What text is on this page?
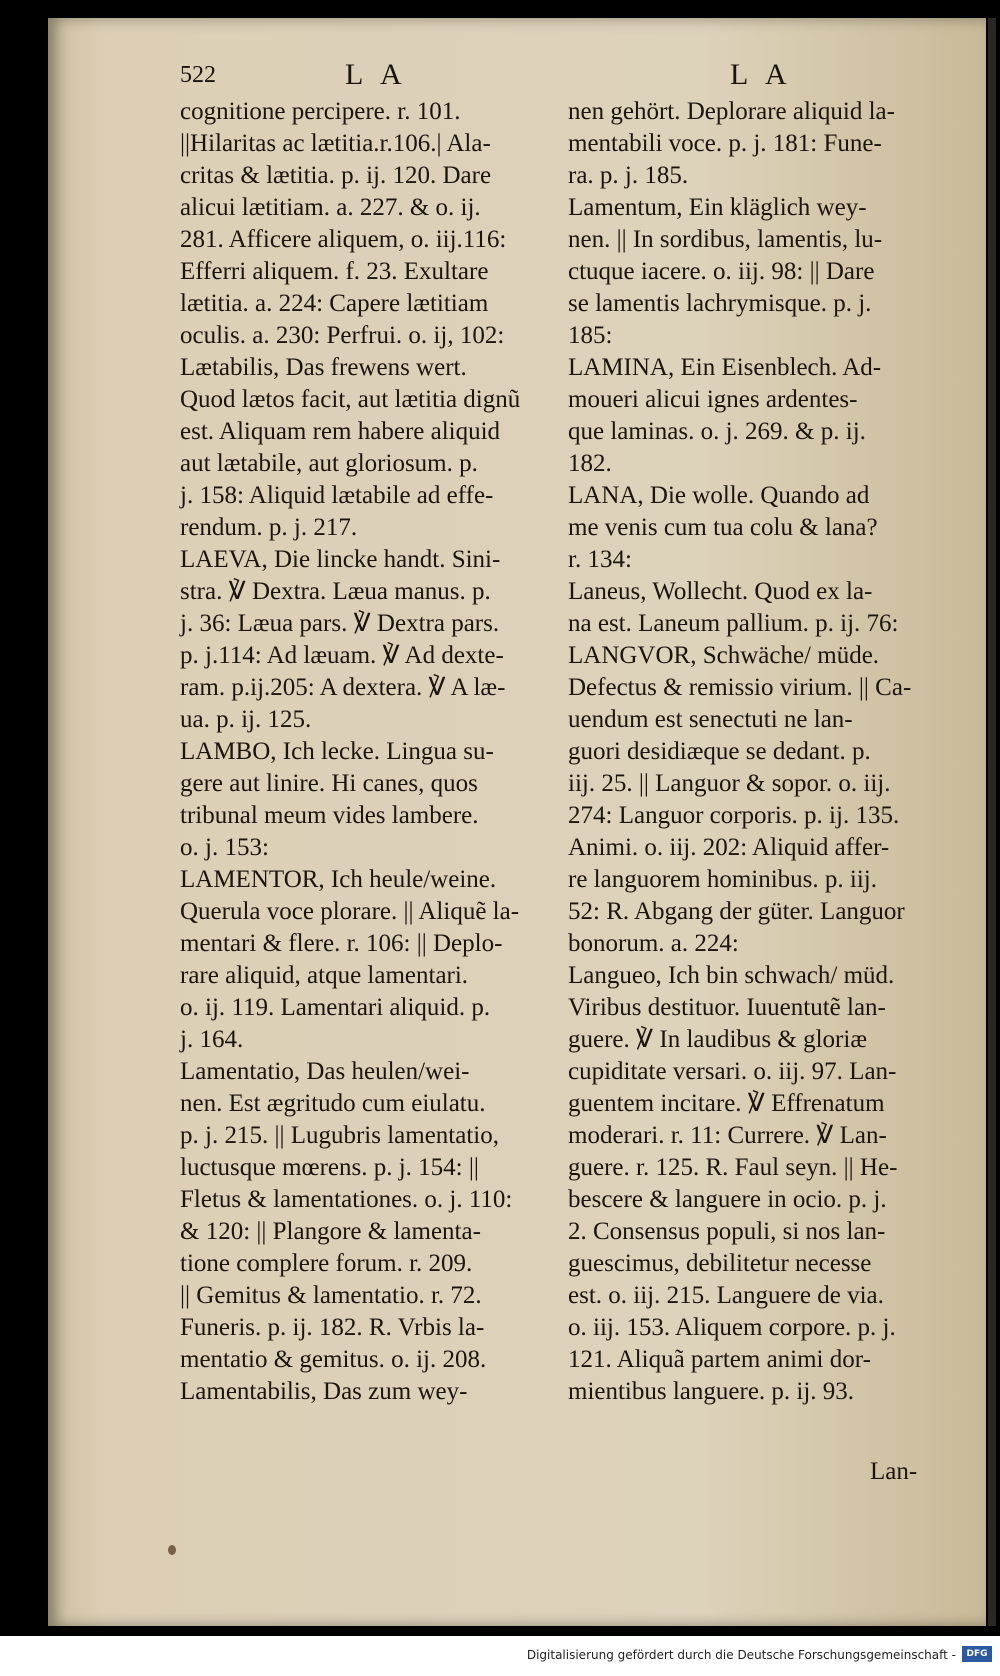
522	L A	L A
cognitione percipere. r. 101.
||Hilaritas ac lætitia.r.106.| Ala-
critas & lætitia. p. ij. 120. Dare
alicui lætitiam. a. 227. & o. ij.
281. Afficere aliquem, o. iij.116:
Efferri aliquem. f. 23. Exultare
lætitia. a. 224: Capere lætitiam
oculis. a. 230: Perfrui. o. ij, 102:
Lætabilis, Das frewens wert.
Quod lætos facit, aut lætitia dignũ
est. Aliquam rem habere aliquid
aut lætabile, aut gloriosum. p.
j. 158: Aliquid lætabile ad effe-
rendum. p. j. 217.
LAEVA, Die lincke handt. Sini-
stra. ℣ Dextra. Læua manus. p.
j. 36: Læua pars. ℣ Dextra pars.
p. j.114: Ad læuam. ℣ Ad dexte-
ram. p.ij.205: A dextera. ℣ A læ-
ua. p. ij. 125.
LAMBO, Ich lecke. Lingua su-
gere aut linire. Hi canes, quos
tribunal meum vides lambere.
o. j. 153:
LAMENTOR, Ich heule/weine.
Querula voce plorare. || Aliquẽ la-
mentari & flere. r. 106: || Deplo-
rare aliquid, atque lamentari.
o. ij. 119. Lamentari aliquid. p.
j. 164.
Lamentatio, Das heulen/wei-
nen. Est ægritudo cum eiulatu.
p. j. 215. || Lugubris lamentatio,
luctusque mœrens. p. j. 154: ||
Fletus & lamentationes. o. j. 110:
& 120: || Plangore & lamenta-
tione complere forum. r. 209.
|| Gemitus & lamentatio. r. 72.
Funeris. p. ij. 182. R. Vrbis la-
mentatio & gemitus. o. ij. 208.
Lamentabilis, Das zum wey-
nen gehört. Deplorare aliquid la-
mentabili voce. p. j. 181: Fune-
ra. p. j. 185.
Lamentum, Ein kläglich wey-
nen. || In sordibus, lamentis, lu-
ctuque iacere. o. iij. 98: || Dare
se lamentis lachrymisque. p. j.
185:
LAMINA, Ein Eisenblech. Ad-
moueri alicui ignes ardentes-
que laminas. o. j. 269. & p. ij.
182.
LANA, Die wolle. Quando ad
me venis cum tua colu & lana?
r. 134:
Laneus, Wollecht. Quod ex la-
na est. Laneum pallium. p. ij. 76:
LANGVOR, Schwäche/ müde.
Defectus & remissio virium. || Ca-
uendum est senectuti ne lan-
guori desidiæque se dedant. p.
iij. 25. || Languor & sopor. o. iij.
274: Languor corporis. p. ij. 135.
Animi. o. iij. 202: Aliquid affer-
re languorem hominibus. p. iij.
52: R. Abgang der güter. Languor
bonorum. a. 224:
Langueo, Ich bin schwach/ müd.
Viribus destituor. Iuuentutẽ lan-
guere. ℣ In laudibus & gloriæ
cupiditate versari. o. iij. 97. Lan-
guentem incitare. ℣ Effrenatum
moderari. r. 11: Currere. ℣ Lan-
guere. r. 125. R. Faul seyn. || He-
bescere & languere in ocio. p. j.
2. Consensus populi, si nos lan-
guescimus, debilitetur necesse
est. o. iij. 215. Languere de via.
o. iij. 153. Aliquem corpore. p. j.
121. Aliquã partem animi dor-
mientibus languere. p. ij. 93.
Lan-
Digitalisierung gefördert durch die Deutsche Forschungsgemeinschaft -	DFG
